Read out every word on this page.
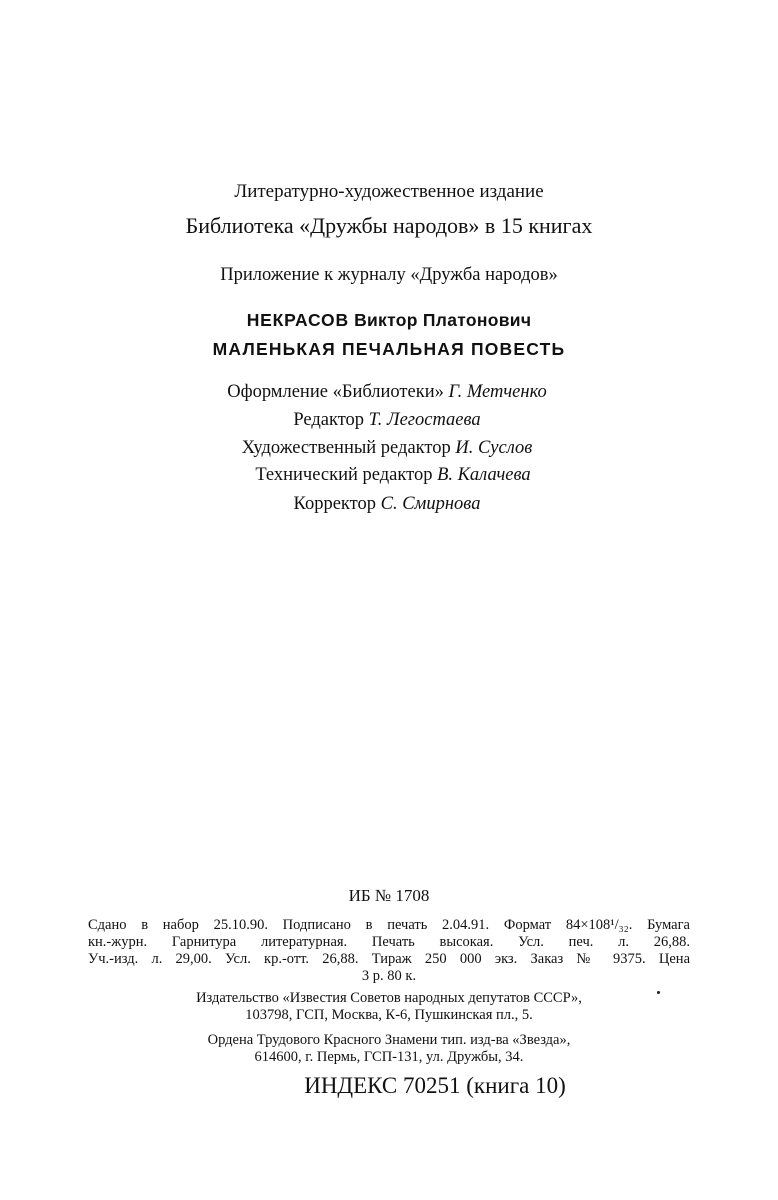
Литературно-художественное издание

Библиотека «Дружбы народов» в 15 книгах

Приложение к журналу «Дружба народов»

НЕКРАСОВ Виктор Платонович

МАЛЕНЬКАЯ ПЕЧАЛЬНАЯ ПОВЕСТЬ

Оформление «Библиотеки» Г. Метченко

Редактор Т. Легостаева

Художественный редактор И. Суслов

Технический редактор В. Калачева

Корректор С. Смирнова

ИБ № 1708

Сдано в набор 25.10.90. Подписано в печать 2.04.91. Формат 84×108¹/₃₂. Бумага
кн.-журн. Гарнитура литературная. Печать высокая. Усл. печ. л. 26,88.
Уч.-изд. л. 29,00. Усл. кр.-отт. 26,88. Тираж 250 000 экз. Заказ № 9375. Цена
3 р. 80 к.
Издательство «Известия Советов народных депутатов СССР»,
103798, ГСП, Москва, К-6, Пушкинская пл., 5.
Ордена Трудового Красного Знамени тип. изд-ва «Звезда»,
614600, г. Пермь, ГСП-131, ул. Дружбы, 34.
ИНДЕКС 70251 (книга 10)
